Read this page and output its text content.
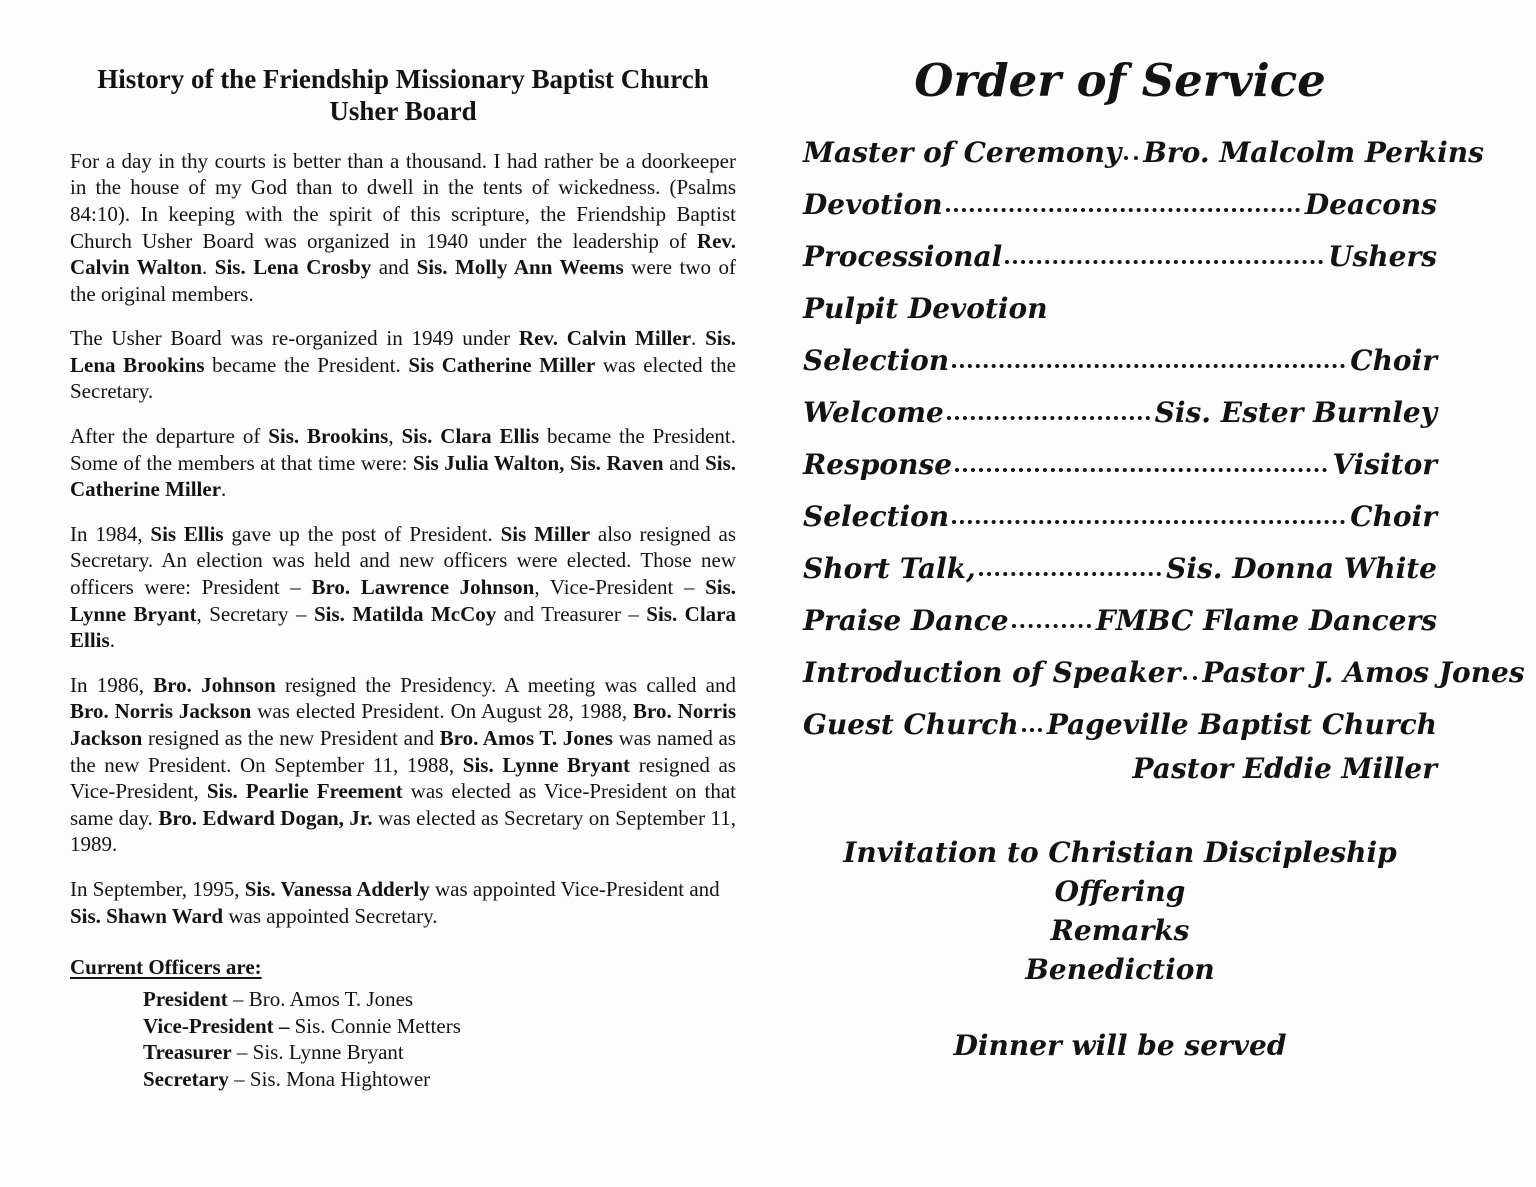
History of the Friendship Missionary Baptist Church
Usher Board

For a day in thy courts is better than a thousand. I had rather be a doorkeeper in the house of my God than to dwell in the tents of wickedness. (Psalms 84:10). In keeping with the spirit of this scripture, the Friendship Baptist Church Usher Board was organized in 1940 under the leadership of Rev. Calvin Walton. Sis. Lena Crosby and Sis. Molly Ann Weems were two of the original members.

The Usher Board was re-organized in 1949 under Rev. Calvin Miller. Sis. Lena Brookins became the President. Sis Catherine Miller was elected the Secretary.

After the departure of Sis. Brookins, Sis. Clara Ellis became the President. Some of the members at that time were: Sis Julia Walton, Sis. Raven and Sis. Catherine Miller.

In 1984, Sis Ellis gave up the post of President. Sis Miller also resigned as Secretary. An election was held and new officers were elected. Those new officers were: President – Bro. Lawrence Johnson, Vice-President – Sis. Lynne Bryant, Secretary – Sis. Matilda McCoy and Treasurer – Sis. Clara Ellis.

In 1986, Bro. Johnson resigned the Presidency. A meeting was called and Bro. Norris Jackson was elected President. On August 28, 1988, Bro. Norris Jackson resigned as the new President and Bro. Amos T. Jones was named as the new President. On September 11, 1988, Sis. Lynne Bryant resigned as Vice-President, Sis. Pearlie Freement was elected as Vice-President on that same day. Bro. Edward Dogan, Jr. was elected as Secretary on September 11, 1989.

In September, 1995, Sis. Vanessa Adderly was appointed Vice-President and
Sis. Shawn Ward was appointed Secretary.

Current Officers are:
President – Bro. Amos T. Jones
Vice-President – Sis. Connie Metters
Treasurer – Sis. Lynne Bryant
Secretary – Sis. Mona Hightower
Order of Service
Master of Ceremony Bro. Malcolm Perkins
Devotion	Deacons
Processional	Ushers
Pulpit Devotion
Selection	Choir
Welcome	Sis. Ester Burnley
Response	Visitor
Selection	Choir
Short Talk,	Sis. Donna White
Praise Dance	FMBC Flame Dancers
Introduction of Speaker Pastor J. Amos Jones
Guest Church Pageville Baptist Church
Pastor Eddie Miller
Invitation to Christian Discipleship
Offering
Remarks
Benediction
Dinner will be served
